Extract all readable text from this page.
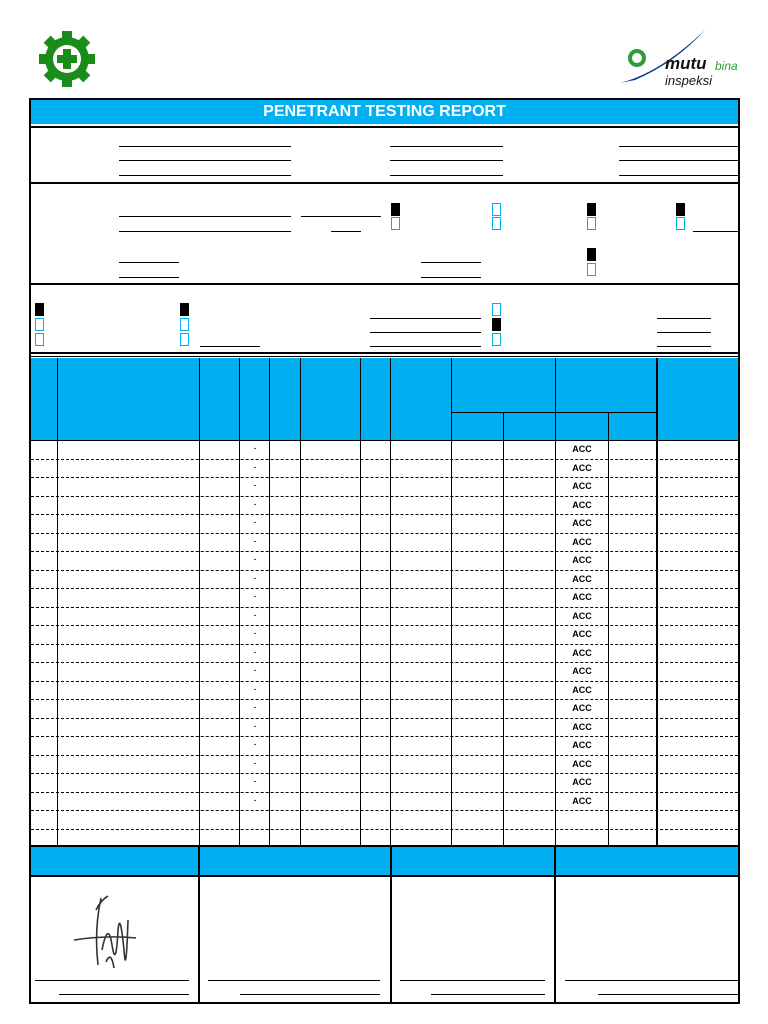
mutu bina
inspeksi
PENETRANT TESTING REPORT
-	ACC
-	ACC
-	ACC
-	ACC
-	ACC
-	ACC
-	ACC
-	ACC
-	ACC
-	ACC
-	ACC
-	ACC
-	ACC
-	ACC
-	ACC
-	ACC
-	ACC
-	ACC
-	ACC
-	ACC
